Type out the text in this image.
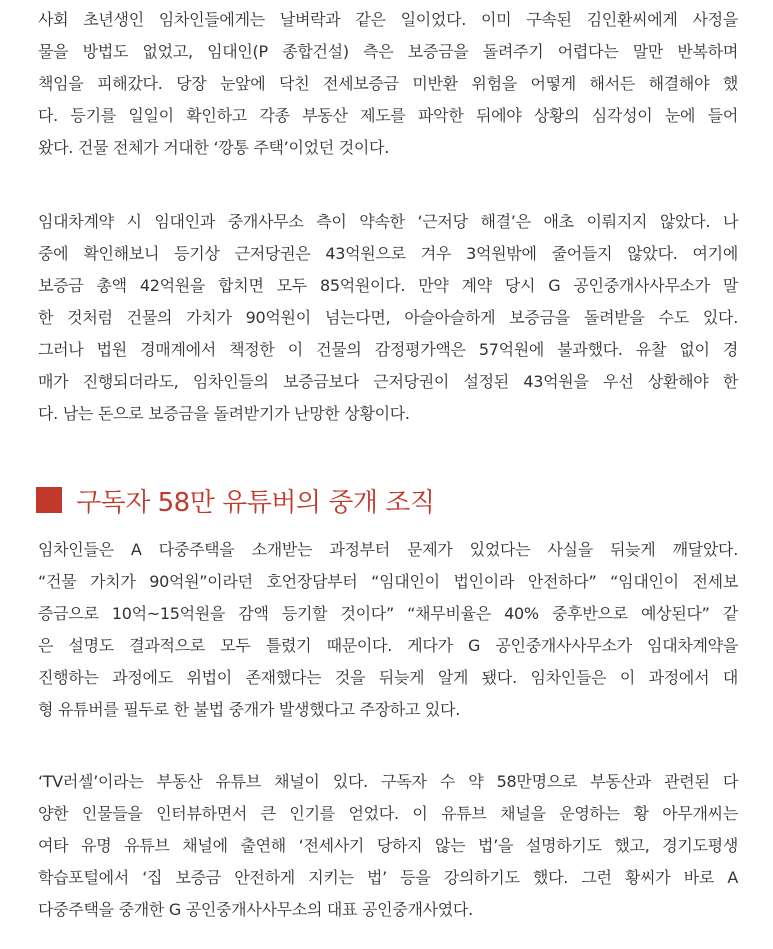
사회 초년생인 임차인들에게는 날벼락과 같은 일이었다. 이미 구속된 김인환씨에게 사정을
물을 방법도 없었고, 임대인(P 종합건설) 측은 보증금을 돌려주기 어렵다는 말만 반복하며
책임을 피해갔다. 당장 눈앞에 닥친 전세보증금 미반환 위험을 어떻게 해서든 해결해야 했
다. 등기를 일일이 확인하고 각종 부동산 제도를 파악한 뒤에야 상황의 심각성이 눈에 들어
왔다. 건물 전체가 거대한 ‘깡통 주택’이었던 것이다.
임대차계약 시 임대인과 중개사무소 측이 약속한 ‘근저당 해결’은 애초 이뤄지지 않았다. 나
중에 확인해보니 등기상 근저당권은 43억원으로 겨우 3억원밖에 줄어들지 않았다. 여기에
보증금 총액 42억원을 합치면 모두 85억원이다. 만약 계약 당시 G 공인중개사사무소가 말
한 것처럼 건물의 가치가 90억원이 넘는다면, 아슬아슬하게 보증금을 돌려받을 수도 있다.
그러나 법원 경매계에서 책정한 이 건물의 감정평가액은 57억원에 불과했다. 유찰 없이 경
매가 진행되더라도, 임차인들의 보증금보다 근저당권이 설정된 43억원을 우선 상환해야 한
다. 남는 돈으로 보증금을 돌려받기가 난망한 상황이다.
구독자 58만 유튜버의 중개 조직
임차인들은 A 다중주택을 소개받는 과정부터 문제가 있었다는 사실을 뒤늦게 깨달았다.
“건물 가치가 90억원”이라던 호언장담부터 “임대인이 법인이라 안전하다” “임대인이 전세보
증금으로 10억~15억원을 감액 등기할 것이다” “채무비율은 40% 중후반으로 예상된다” 같
은 설명도 결과적으로 모두 틀렸기 때문이다. 게다가 G 공인중개사사무소가 임대차계약을
진행하는 과정에도 위법이 존재했다는 것을 뒤늦게 알게 됐다. 임차인들은 이 과정에서 대
형 유튜버를 필두로 한 불법 중개가 발생했다고 주장하고 있다.
‘TV러셀’이라는 부동산 유튜브 채널이 있다. 구독자 수 약 58만명으로 부동산과 관련된 다
양한 인물들을 인터뷰하면서 큰 인기를 얻었다. 이 유튜브 채널을 운영하는 황 아무개씨는
여타 유명 유튜브 채널에 출연해 ‘전세사기 당하지 않는 법’을 설명하기도 했고, 경기도평생
학습포털에서 ‘집 보증금 안전하게 지키는 법’ 등을 강의하기도 했다. 그런 황씨가 바로 A
다중주택을 중개한 G 공인중개사사무소의 대표 공인중개사였다.
